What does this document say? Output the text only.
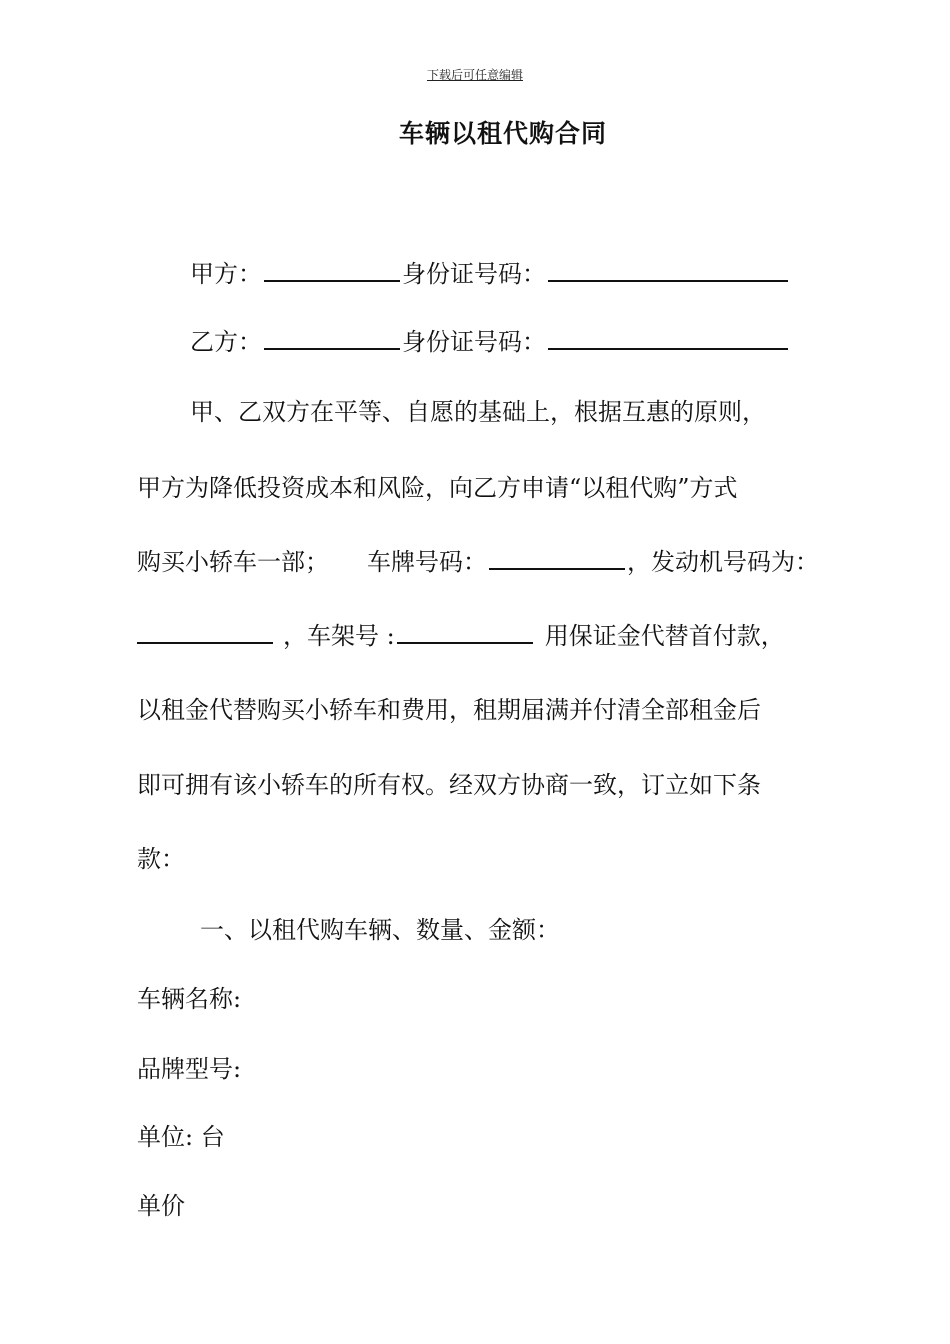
下载后可任意编辑
车辆以租代购合同
甲方：	身份证号码：
乙方：	身份证号码：
甲、乙双方在平等、自愿的基础上，根据互惠的原则，
甲方为降低投资成本和风险，向乙方申请“以租代购”方式
购买小轿车一部； 车牌号码：	，发动机号码为：
，车架号 :	用保证金代替首付款，
以租金代替购买小轿车和费用，租期届满并付清全部租金后
即可拥有该小轿车的所有权。经双方协商一致，订立如下条
款：
一、以租代购车辆、数量、金额：
车辆名称:
品牌型号:
单位: 台
单价
